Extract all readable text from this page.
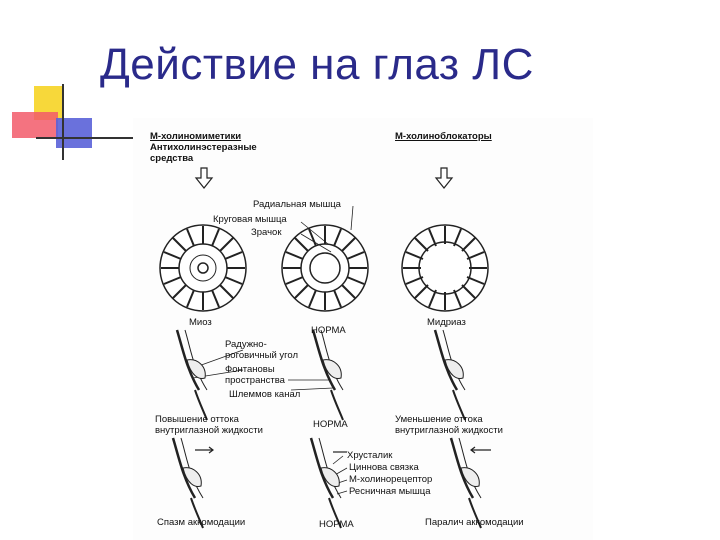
Действие на глаз ЛС
М-холиномиметики
Антихолинэстеразные
средства
М-холиноблокаторы
Радиальная мышца
Круговая мышца
Зрачок
Миоз
НОРМА
Мидриаз
Радужно-
роговичный угол
Фонтановы
пространства
Шлеммов канал
Повышение оттока
внутриглазной жидкости
НОРМА	Уменьшение оттока
внутриглазной жидкости
Хрусталик
Циннова связка
М-холинорецептор
Ресничная мышца
Спазм аккомодации	НОРМА	Паралич аккомодации
